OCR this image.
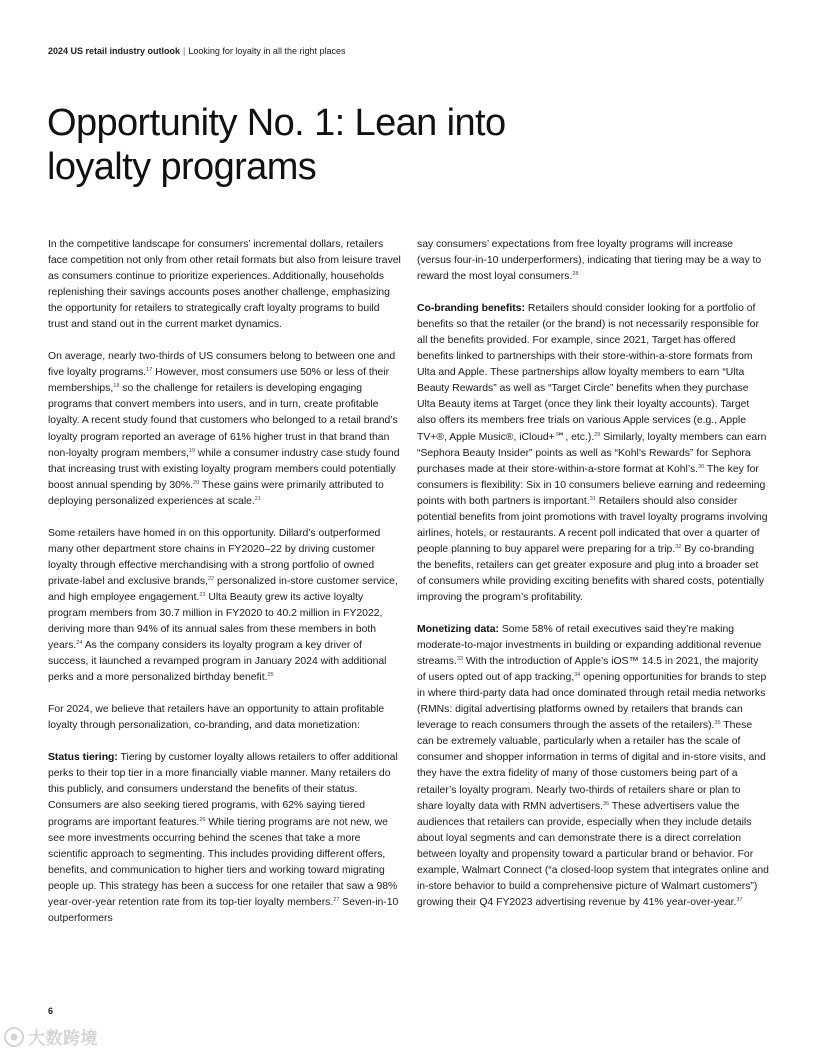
2024 US retail industry outlook | Looking for loyalty in all the right places
Opportunity No. 1: Lean into loyalty programs

In the competitive landscape for consumers’ incremental dollars, retailers face competition not only from other retail formats but also from leisure travel as consumers continue to prioritize experiences. Additionally, households replenishing their savings accounts poses another challenge, emphasizing the opportunity for retailers to strategically craft loyalty programs to build trust and stand out in the current market dynamics.

On average, nearly two-thirds of US consumers belong to between one and five loyalty programs.$^{17}$ However, most consumers use 50% or less of their memberships,$^{18}$ so the challenge for retailers is developing engaging programs that convert members into users, and in turn, create profitable loyalty. A recent study found that customers who belonged to a retail brand’s loyalty program reported an average of 61% higher trust in that brand than non-loyalty program members,$^{19}$ while a consumer industry case study found that increasing trust with existing loyalty program members could potentially boost annual spending by 30%.$^{20}$ These gains were primarily attributed to deploying personalized experiences at scale.$^{21}$

Some retailers have homed in on this opportunity. Dillard’s outperformed many other department store chains in FY2020–22 by driving customer loyalty through effective merchandising with a strong portfolio of owned private-label and exclusive brands,$^{22}$ personalized in-store customer service, and high employee engagement.$^{23}$ Ulta Beauty grew its active loyalty program members from 30.7 million in FY2020 to 40.2 million in FY2022, deriving more than 94% of its annual sales from these members in both years.$^{24}$ As the company considers its loyalty program a key driver of success, it launched a revamped program in January 2024 with additional perks and a more personalized birthday benefit.$^{25}$

For 2024, we believe that retailers have an opportunity to attain profitable loyalty through personalization, co-branding, and data monetization:

Status tiering: Tiering by customer loyalty allows retailers to offer additional perks to their top tier in a more financially viable manner. Many retailers do this publicly, and consumers understand the benefits of their status. Consumers are also seeking tiered programs, with 62% saying tiered programs are important features.$^{26}$ While tiering programs are not new, we see more investments occurring behind the scenes that take a more scientific approach to segmenting. This includes providing different offers, benefits, and communication to higher tiers and working toward migrating people up. This strategy has been a success for one retailer that saw a 98% year-over-year retention rate from its top-tier loyalty members.$^{27}$ Seven-in-10 outperformers

say consumers’ expectations from free loyalty programs will increase (versus four-in-10 underperformers), indicating that tiering may be a way to reward the most loyal consumers.$^{28}$

Co-branding benefits: Retailers should consider looking for a portfolio of benefits so that the retailer (or the brand) is not necessarily responsible for all the benefits provided. For example, since 2021, Target has offered benefits linked to partnerships with their store-within-a-store formats from Ulta and Apple. These partnerships allow loyalty members to earn “Ulta Beauty Rewards” as well as “Target Circle” benefits when they purchase Ulta Beauty items at Target (once they link their loyalty accounts). Target also offers its members free trials on various Apple services (e.g., Apple TV+®, Apple Music®, iCloud+℠, etc.).$^{29}$ Similarly, loyalty members can earn “Sephora Beauty Insider” points as well as “Kohl’s Rewards” for Sephora purchases made at their store-within-a-store format at Kohl’s.$^{30}$ The key for consumers is flexibility: Six in 10 consumers believe earning and redeeming points with both partners is important.$^{31}$ Retailers should also consider potential benefits from joint promotions with travel loyalty programs involving airlines, hotels, or restaurants. A recent poll indicated that over a quarter of people planning to buy apparel were preparing for a trip.$^{32}$ By co-branding the benefits, retailers can get greater exposure and plug into a broader set of consumers while providing exciting benefits with shared costs, potentially improving the program’s profitability.

Monetizing data: Some 58% of retail executives said they’re making moderate-to-major investments in building or expanding additional revenue streams.$^{33}$ With the introduction of Apple’s iOS™ 14.5 in 2021, the majority of users opted out of app tracking,$^{34}$ opening opportunities for brands to step in where third-party data had once dominated through retail media networks (RMNs: digital advertising platforms owned by retailers that brands can leverage to reach consumers through the assets of the retailers).$^{35}$ These can be extremely valuable, particularly when a retailer has the scale of consumer and shopper information in terms of digital and in-store visits, and they have the extra fidelity of many of those customers being part of a retailer’s loyalty program. Nearly two-thirds of retailers share or plan to share loyalty data with RMN advertisers.$^{36}$ These advertisers value the audiences that retailers can provide, especially when they include details about loyal segments and can demonstrate there is a direct correlation between loyalty and propensity toward a particular brand or behavior. For example, Walmart Connect (“a closed-loop system that integrates online and in-store behavior to build a comprehensive picture of Walmart customers”) growing their Q4 FY2023 advertising revenue by 41% year-over-year.$^{37}$

6
大数跨境
